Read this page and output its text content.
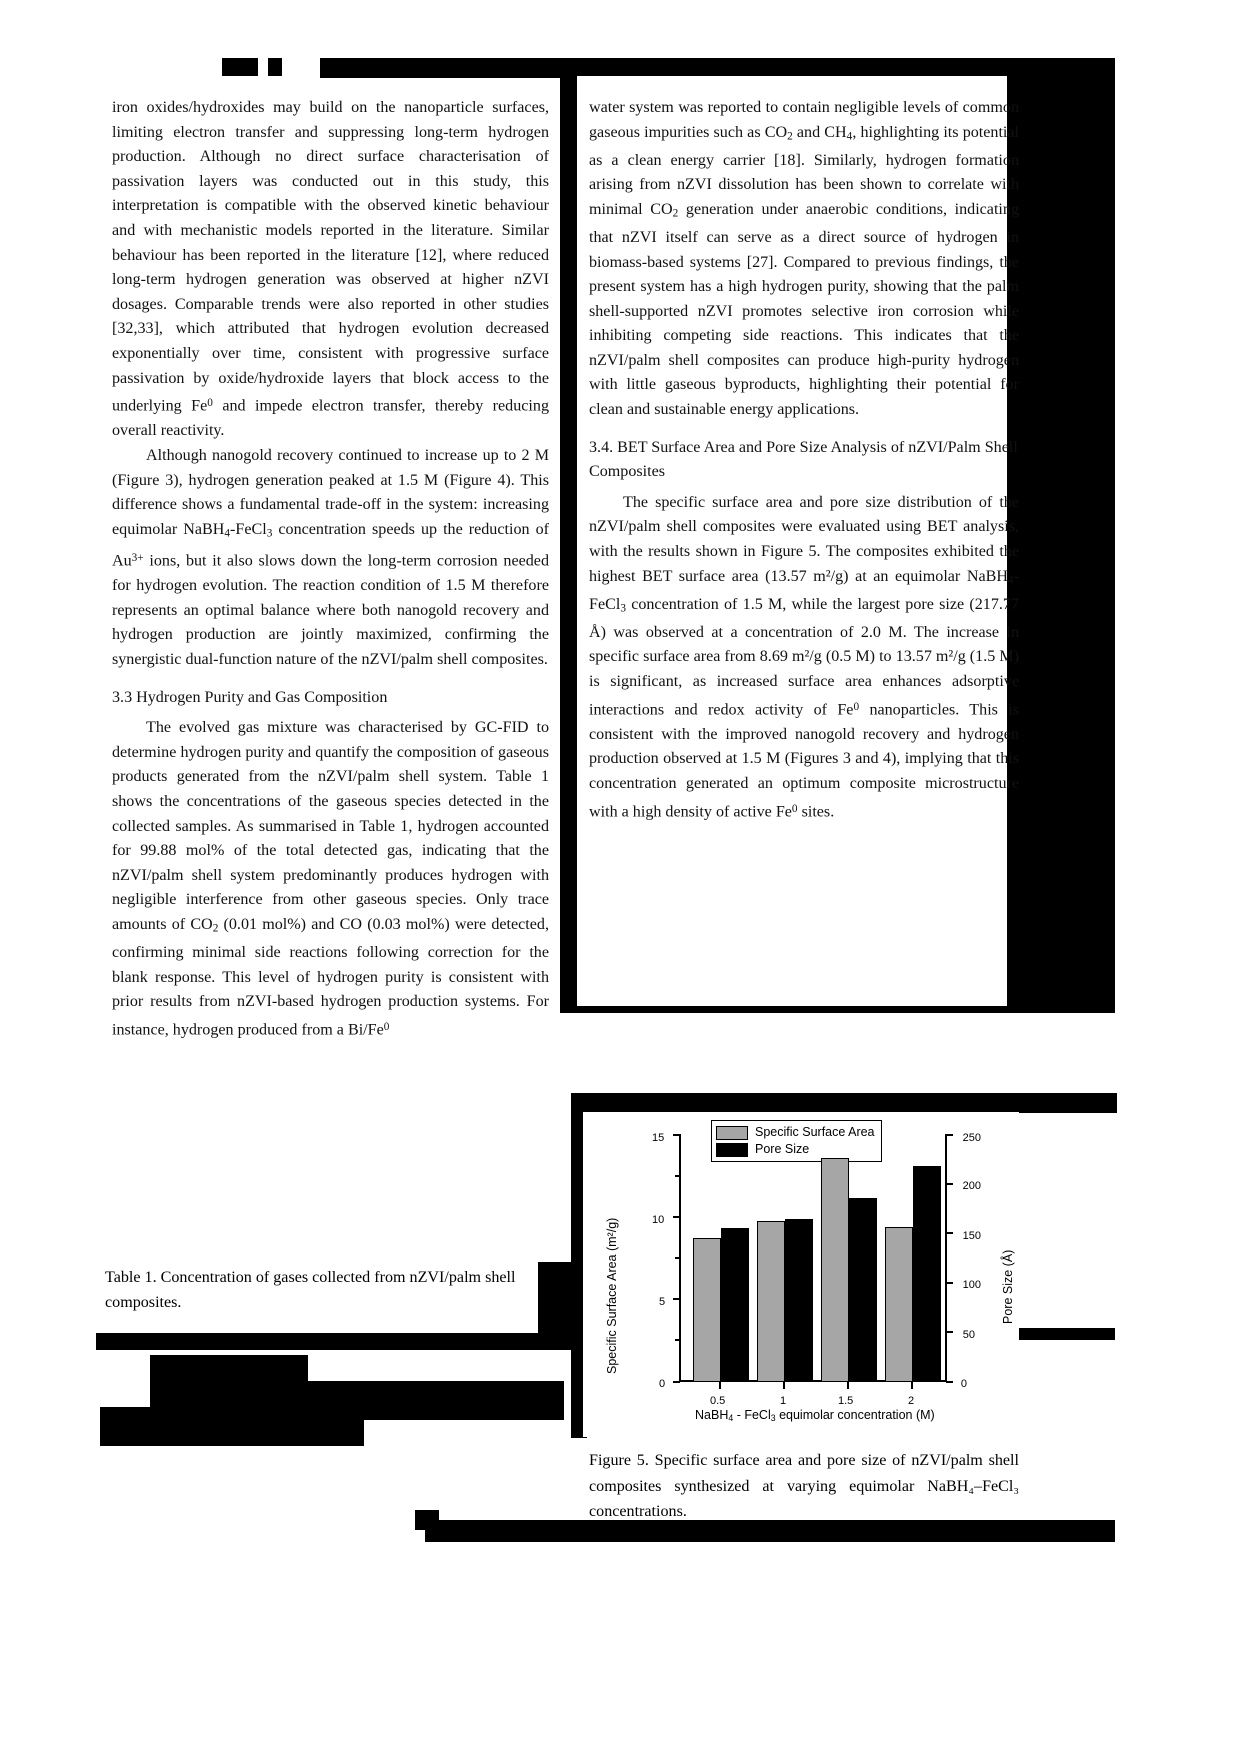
iron oxides/hydroxides may build on the nanoparticle surfaces, limiting electron transfer and suppressing long-term hydrogen production. Although no direct surface characterisation of passivation layers was conducted out in this study, this interpretation is compatible with the observed kinetic behaviour and with mechanistic models reported in the literature. Similar behaviour has been reported in the literature [12], where reduced long-term hydrogen generation was observed at higher nZVI dosages. Comparable trends were also reported in other studies [32,33], which attributed that hydrogen evolution decreased exponentially over time, consistent with progressive surface passivation by oxide/hydroxide layers that block access to the underlying Fe$^0$ and impede electron transfer, thereby reducing overall reactivity.

Although nanogold recovery continued to increase up to 2 M (Figure 3), hydrogen generation peaked at 1.5 M (Figure 4). This difference shows a fundamental trade-off in the system: increasing equimolar NaBH$_4$-FeCl$_3$ concentration speeds up the reduction of $Au^{3+}$ ions, but it also slows down the long-term corrosion needed for hydrogen evolution. The reaction condition of 1.5 M therefore represents an optimal balance where both nanogold recovery and hydrogen production are jointly maximized, confirming the synergistic dual-function nature of the nZVI/palm shell composites.

3.3 Hydrogen Purity and Gas Composition

The evolved gas mixture was characterised by GC-FID to determine hydrogen purity and quantify the composition of gaseous products generated from the nZVI/palm shell system. Table 1 shows the concentrations of the gaseous species detected in the collected samples. As summarised in Table 1, hydrogen accounted for 99.88 mol% of the total detected gas, indicating that the nZVI/palm shell system predominantly produces hydrogen with negligible interference from other gaseous species. Only trace amounts of $CO_2$ (0.01 mol%) and CO (0.03 mol%) were detected, confirming minimal side reactions following correction for the blank response. This level of hydrogen purity is consistent with prior results from nZVI-based hydrogen production systems. For instance, hydrogen produced from a Bi/Fe$^0$

water system was reported to contain negligible levels of common gaseous impurities such as $CO_2$ and $CH_4$, highlighting its potential as a clean energy carrier [18]. Similarly, hydrogen formation arising from nZVI dissolution has been shown to correlate with minimal $CO_2$ generation under anaerobic conditions, indicating that nZVI itself can serve as a direct source of hydrogen in biomass-based systems [27]. Compared to previous findings, the present system has a high hydrogen purity, showing that the palm shell-supported nZVI promotes selective iron corrosion while inhibiting competing side reactions. This indicates that the nZVI/palm shell composites can produce high-purity hydrogen with little gaseous byproducts, highlighting their potential for clean and sustainable energy applications.

3.4. BET Surface Area and Pore Size Analysis of nZVI/Palm Shell Composites

The specific surface area and pore size distribution of the nZVI/palm shell composites were evaluated using BET analysis, with the results shown in Figure 5. The composites exhibited the highest BET surface area (13.57 m²/g) at an equimolar NaBH$_4$-FeCl$_3$ concentration of 1.5 M, while the largest pore size (217.77 Å) was observed at a concentration of 2.0 M. The increase in specific surface area from 8.69 m²/g (0.5 M) to 13.57 m²/g (1.5 M) is significant, as increased surface area enhances adsorptive interactions and redox activity of Fe$^0$ nanoparticles. This is consistent with the improved nanogold recovery and hydrogen production observed at 1.5 M (Figures 3 and 4), implying that this concentration generated an optimum composite microstructure with a high density of active Fe$^0$ sites.

Table 1. Concentration of gases collected from nZVI/palm shell composites.
Specific Surface Area
Pore Size
Specific Surface Area (m²/g)	Pore Size (Å)
NaBH$_4$ - FeCl$_3$ equimolar concentration (M)
0
5
10
15
0
50
100
150
200
250
0.5	1	1.5	2
Figure 5. Specific surface area and pore size of nZVI/palm shell composites synthesized at varying equimolar NaBH₄–FeCl₃ concentrations.
